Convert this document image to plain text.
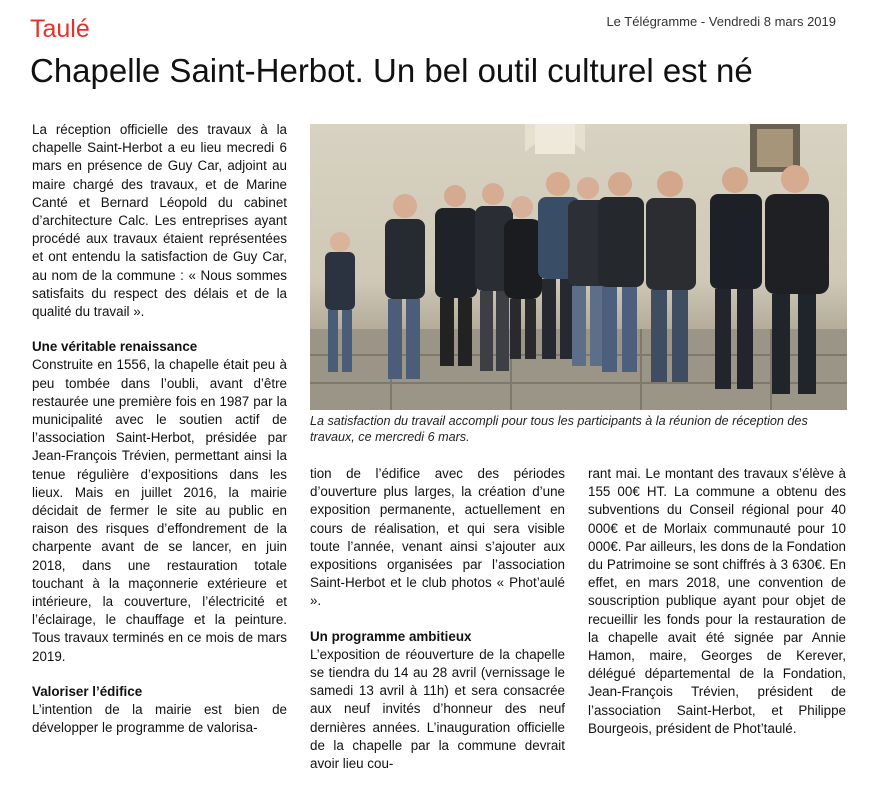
Taulé	Le Télégramme - Vendredi 8 mars 2019
Chapelle Saint-Herbot. Un bel outil culturel est né

La réception officielle des travaux à la chapelle Saint-Herbot a eu lieu mecredi 6 mars en présence de Guy Car, adjoint au maire chargé des travaux, et de Marine Canté et Bernard Léopold du cabinet d’architecture Calc. Les entreprises ayant procédé aux travaux étaient représentées et ont entendu la satisfaction de Guy Car, au nom de la commune : « Nous sommes satisfaits du respect des délais et de la qualité du travail ».

Une véritable renaissance

Construite en 1556, la chapelle était peu à peu tombée dans l’oubli, avant d’être restaurée une première fois en 1987 par la municipalité avec le soutien actif de l’association Saint-Herbot, présidée par Jean-François Trévien, permettant ainsi la tenue régulière d’expositions dans les lieux. Mais en juillet 2016, la mairie décidait de fermer le site au public en raison des risques d’effondrement de la charpente avant de se lancer, en juin 2018, dans une restauration totale touchant à la maçonnerie extérieure et intérieure, la couverture, l’électricité et l’éclairage, le chauffage et la peinture. Tous travaux terminés en ce mois de mars 2019.

Valoriser l’édifice

L’intention de la mairie est bien de développer le programme de valorisa-

La satisfaction du travail accompli pour tous les participants à la réunion de réception des travaux, ce mercredi 6 mars.

tion de l’édifice avec des périodes d’ouverture plus larges, la création d’une exposition permanente, actuellement en cours de réalisation, et qui sera visible toute l’année, venant ainsi s’ajouter aux expositions organisées par l’association Saint-Herbot et le club photos « Phot’aulé ».

Un programme ambitieux

L’exposition de réouverture de la chapelle se tiendra du 14 au 28 avril (vernissage le samedi 13 avril à 11h) et sera consacrée aux neuf invités d’honneur des neuf dernières années. L’inauguration officielle de la chapelle par la commune devrait avoir lieu cou-

rant mai. Le montant des travaux s’élève à 155 00€ HT. La commune a obtenu des subventions du Conseil régional pour 40 000€ et de Morlaix communauté pour 10 000€. Par ailleurs, les dons de la Fondation du Patrimoine se sont chiffrés à 3 630€. En effet, en mars 2018, une convention de souscription publique ayant pour objet de recueillir les fonds pour la restauration de la chapelle avait été signée par Annie Hamon, maire, Georges de Kerever, délégué départemental de la Fondation, Jean-François Trévien, président de l’association Saint-Herbot, et Philippe Bourgeois, président de Phot’taulé.
